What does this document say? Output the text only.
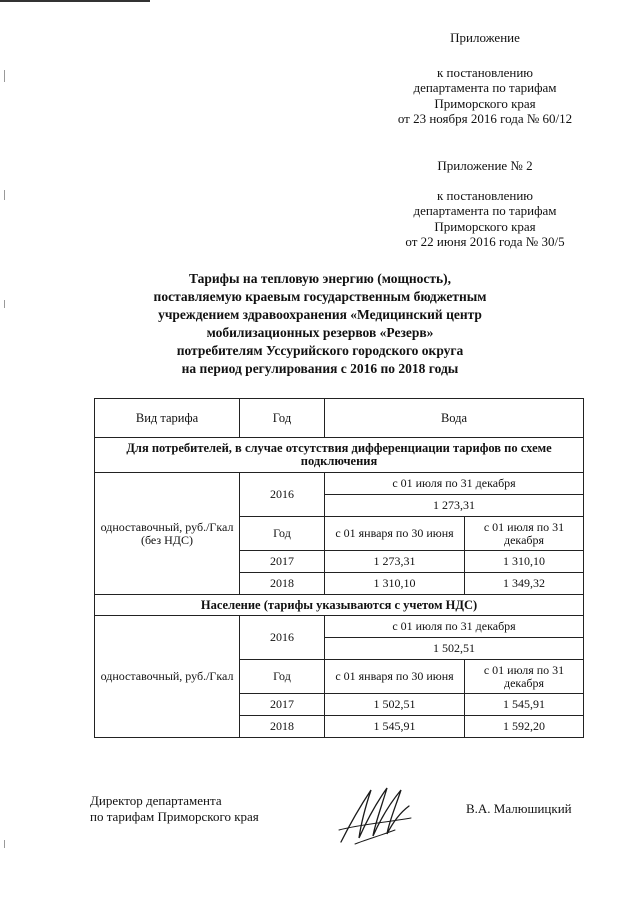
Приложение
к постановлению
департамента по тарифам
Приморского края
от 23 ноября 2016 года № 60/12
Приложение № 2
к постановлению
департамента по тарифам
Приморского края
от 22 июня 2016 года № 30/5
Тарифы на тепловую энергию (мощность),
поставляемую краевым государственным бюджетным
учреждением здравоохранения «Медицинский центр
мобилизационных резервов «Резерв»
потребителям Уссурийского городского округа
на период регулирования с 2016 по 2018 годы
Вид тарифа	Год	Вода	
Для потребителей, в случае отсутствия дифференциации тарифов по схеме подключения			
одноставочный, руб./Гкал (без НДС)	2016	с 01 июля по 31 декабря	
		1 273,31	
	Год	с 01 января по 30 июня	с 01 июля по 31 декабря
	2017	1 273,31	1 310,10
	2018	1 310,10	1 349,32
Население (тарифы указываются с учетом НДС)			
одноставочный, руб./Гкал	2016	с 01 июля по 31 декабря	
		1 502,51	
	Год	с 01 января по 30 июня	с 01 июля по 31 декабря
	2017	1 502,51	1 545,91
	2018	1 545,91	1 592,20
Директор департамента
по тарифам Приморского края
В.А. Малюшицкий
